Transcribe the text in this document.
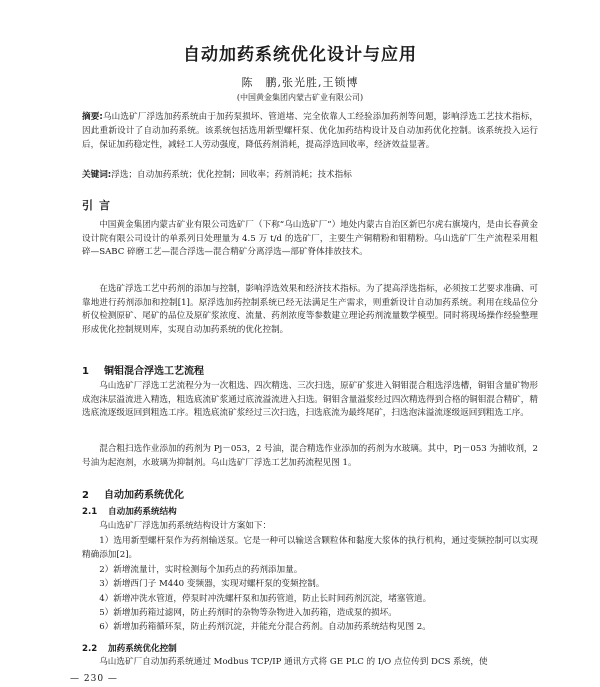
自动加药系统优化设计与应用
陈　鹏,张光胜,王锁博
(中国黄金集团内蒙古矿业有限公司)

摘要:乌山选矿厂浮选加药系统由于加药泵损坏、管道堵、完全依靠人工经验添加药剂等问题，影响浮选工艺技术指标，因此重新设计了自动加药系统。该系统包括选用新型螺杆泵、优化加药结构设计及自动加药优化控制。该系统投入运行后，保证加药稳定性，减轻工人劳动强度，降低药剂消耗，提高浮选回收率，经济效益显著。

关键词:浮选；自动加药系统；优化控制；回收率；药剂消耗；技术指标

引言

中国黄金集团内蒙古矿业有限公司选矿厂（下称“乌山选矿厂”）地处内蒙古自治区新巴尔虎右旗境内，是由长春黄金设计院有限公司设计的单系列日处理量为 4.5 万 t/d 的选矿厂，主要生产铜精粉和钼精粉。乌山选矿厂生产流程采用粗碎—SABC 碎磨工艺—混合浮选—混合精矿分离浮选—部矿脊体排放技术。

在选矿浮选工艺中药剂的添加与控制，影响浮选效果和经济技术指标。为了提高浮选指标，必须按工艺要求准确、可靠地进行药剂添加和控制[1]。原浮选加药控制系统已经无法满足生产需求，则重新设计自动加药系统。利用在线品位分析仪检测原矿、尾矿的品位及原矿浆浓度、流量、药剂浓度等参数建立理论药剂流量数学模型。同时将现场操作经验整理形成优化控制规则库，实现自动加药系统的优化控制。

1 铜钼混合浮选工艺流程

乌山选矿厂浮选工艺流程分为一次粗选、四次精选、三次扫选，原矿矿浆进入铜钼混合粗选浮选槽，铜钼含量矿物形成泡沫层溢流进入精选，粗选底流矿浆通过底流溢流进入扫选。铜钼含量溢浆经过四次精选得到合格的铜钼混合精矿，精选底流逐级返回到粗选工序。粗选底流矿浆经过三次扫选，扫选底流为最终尾矿，扫选泡沫溢流逐级返回到粗选工序。

混合粗扫选作业添加的药剂为 Pj－053，2 号油，混合精选作业添加的药剂为水玻璃。其中，Pj－053 为捕收剂，2 号油为起泡剂，水玻璃为抑制剂。乌山选矿厂浮选工艺加药流程见图 1。

2 自动加药系统优化
2.1 自动加药系统结构

乌山选矿厂浮选加药系统结构设计方案如下：

1）选用新型螺杆泵作为药剂输送泵。它是一种可以输送含颗粒体和黏度大浆体的执行机构，通过变频控制可以实现精确添加[2]。
2）新增流量计，实时检测每个加药点的药剂添加量。
3）新增西门子 M440 变频器，实现对螺杆泵的变频控制。
4）新增冲洗水管道，停泵时冲洗螺杆泵和加药管道，防止长时间药剂沉淀，堵塞管道。
5）新增加药箱过滤网，防止药剂时的杂物等杂物进入加药箱，造成泵的损坏。
6）新增加药箱循环泵，防止药剂沉淀，并能充分混合药剂。自动加药系统结构见图 2。
2.2 加药系统优化控制

乌山选矿厂自动加药系统通过 Modbus TCP/IP 通讯方式将 GE PLC 的 I/O 点位传到 DCS 系统，使

— 230 —
